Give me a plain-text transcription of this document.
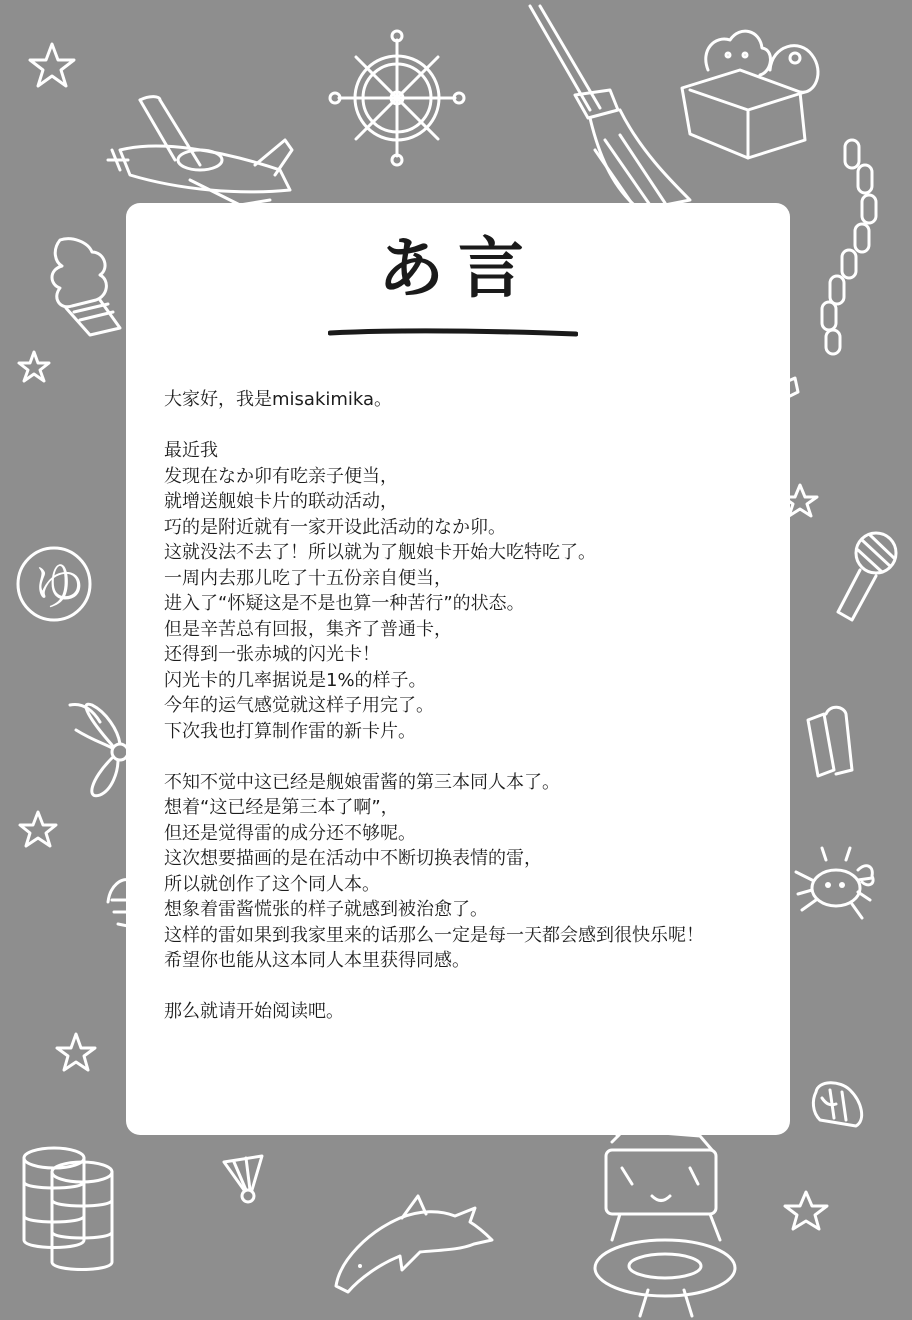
ゆ
あ言

大家好，我是misakimika。

最近我
发现在なか卯有吃亲子便当，
就增送舰娘卡片的联动活动，
巧的是附近就有一家开设此活动的なか卯。
这就没法不去了！所以就为了舰娘卡开始大吃特吃了。
一周内去那儿吃了十五份亲自便当，
进入了“怀疑这是不是也算一种苦行”的状态。
但是辛苦总有回报，集齐了普通卡，
还得到一张赤城的闪光卡！
闪光卡的几率据说是1%的样子。
今年的运气感觉就这样子用完了。
下次我也打算制作雷的新卡片。

不知不觉中这已经是舰娘雷酱的第三本同人本了。
想着“这已经是第三本了啊”，
但还是觉得雷的成分还不够呢。
这次想要描画的是在活动中不断切换表情的雷，
所以就创作了这个同人本。
想象着雷酱慌张的样子就感到被治愈了。
这样的雷如果到我家里来的话那么一定是每一天都会感到很快乐呢！
希望你也能从这本同人本里获得同感。

那么就请开始阅读吧。
